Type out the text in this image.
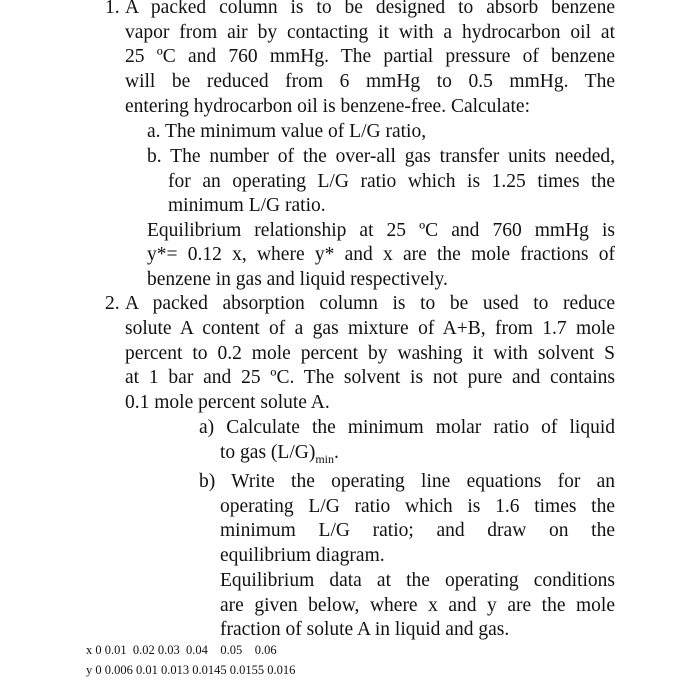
1. A packed column is to be designed to absorb benzene
vapor from air by contacting it with a hydrocarbon oil at
25 ºC and 760 mmHg. The partial pressure of benzene
will be reduced from 6 mmHg to 0.5 mmHg. The
entering hydrocarbon oil is benzene-free. Calculate:
a. The minimum value of L/G ratio,
b. The number of the over-all gas transfer units needed,
for an operating L/G ratio which is 1.25 times the
minimum L/G ratio.
Equilibrium relationship at 25 ºC and 760 mmHg is
y*= 0.12 x, where y* and x are the mole fractions of
benzene in gas and liquid respectively.
2. A packed absorption column is to be used to reduce
solute A content of a gas mixture of A+B, from 1.7 mole
percent to 0.2 mole percent by washing it with solvent S
at 1 bar and 25 ºC. The solvent is not pure and contains
0.1 mole percent solute A.
a) Calculate the minimum molar ratio of liquid
to gas $(L/G)_{min}$.
b) Write the operating line equations for an
operating L/G ratio which is 1.6 times the
minimum L/G ratio; and draw on the
equilibrium diagram.
Equilibrium data at the operating conditions
are given below, where x and y are the mole
fraction of solute A in liquid and gas.
x 0 0.01  0.02 0.03  0.04    0.05    0.06
y 0 0.006 0.01 0.013 0.0145 0.0155 0.016
